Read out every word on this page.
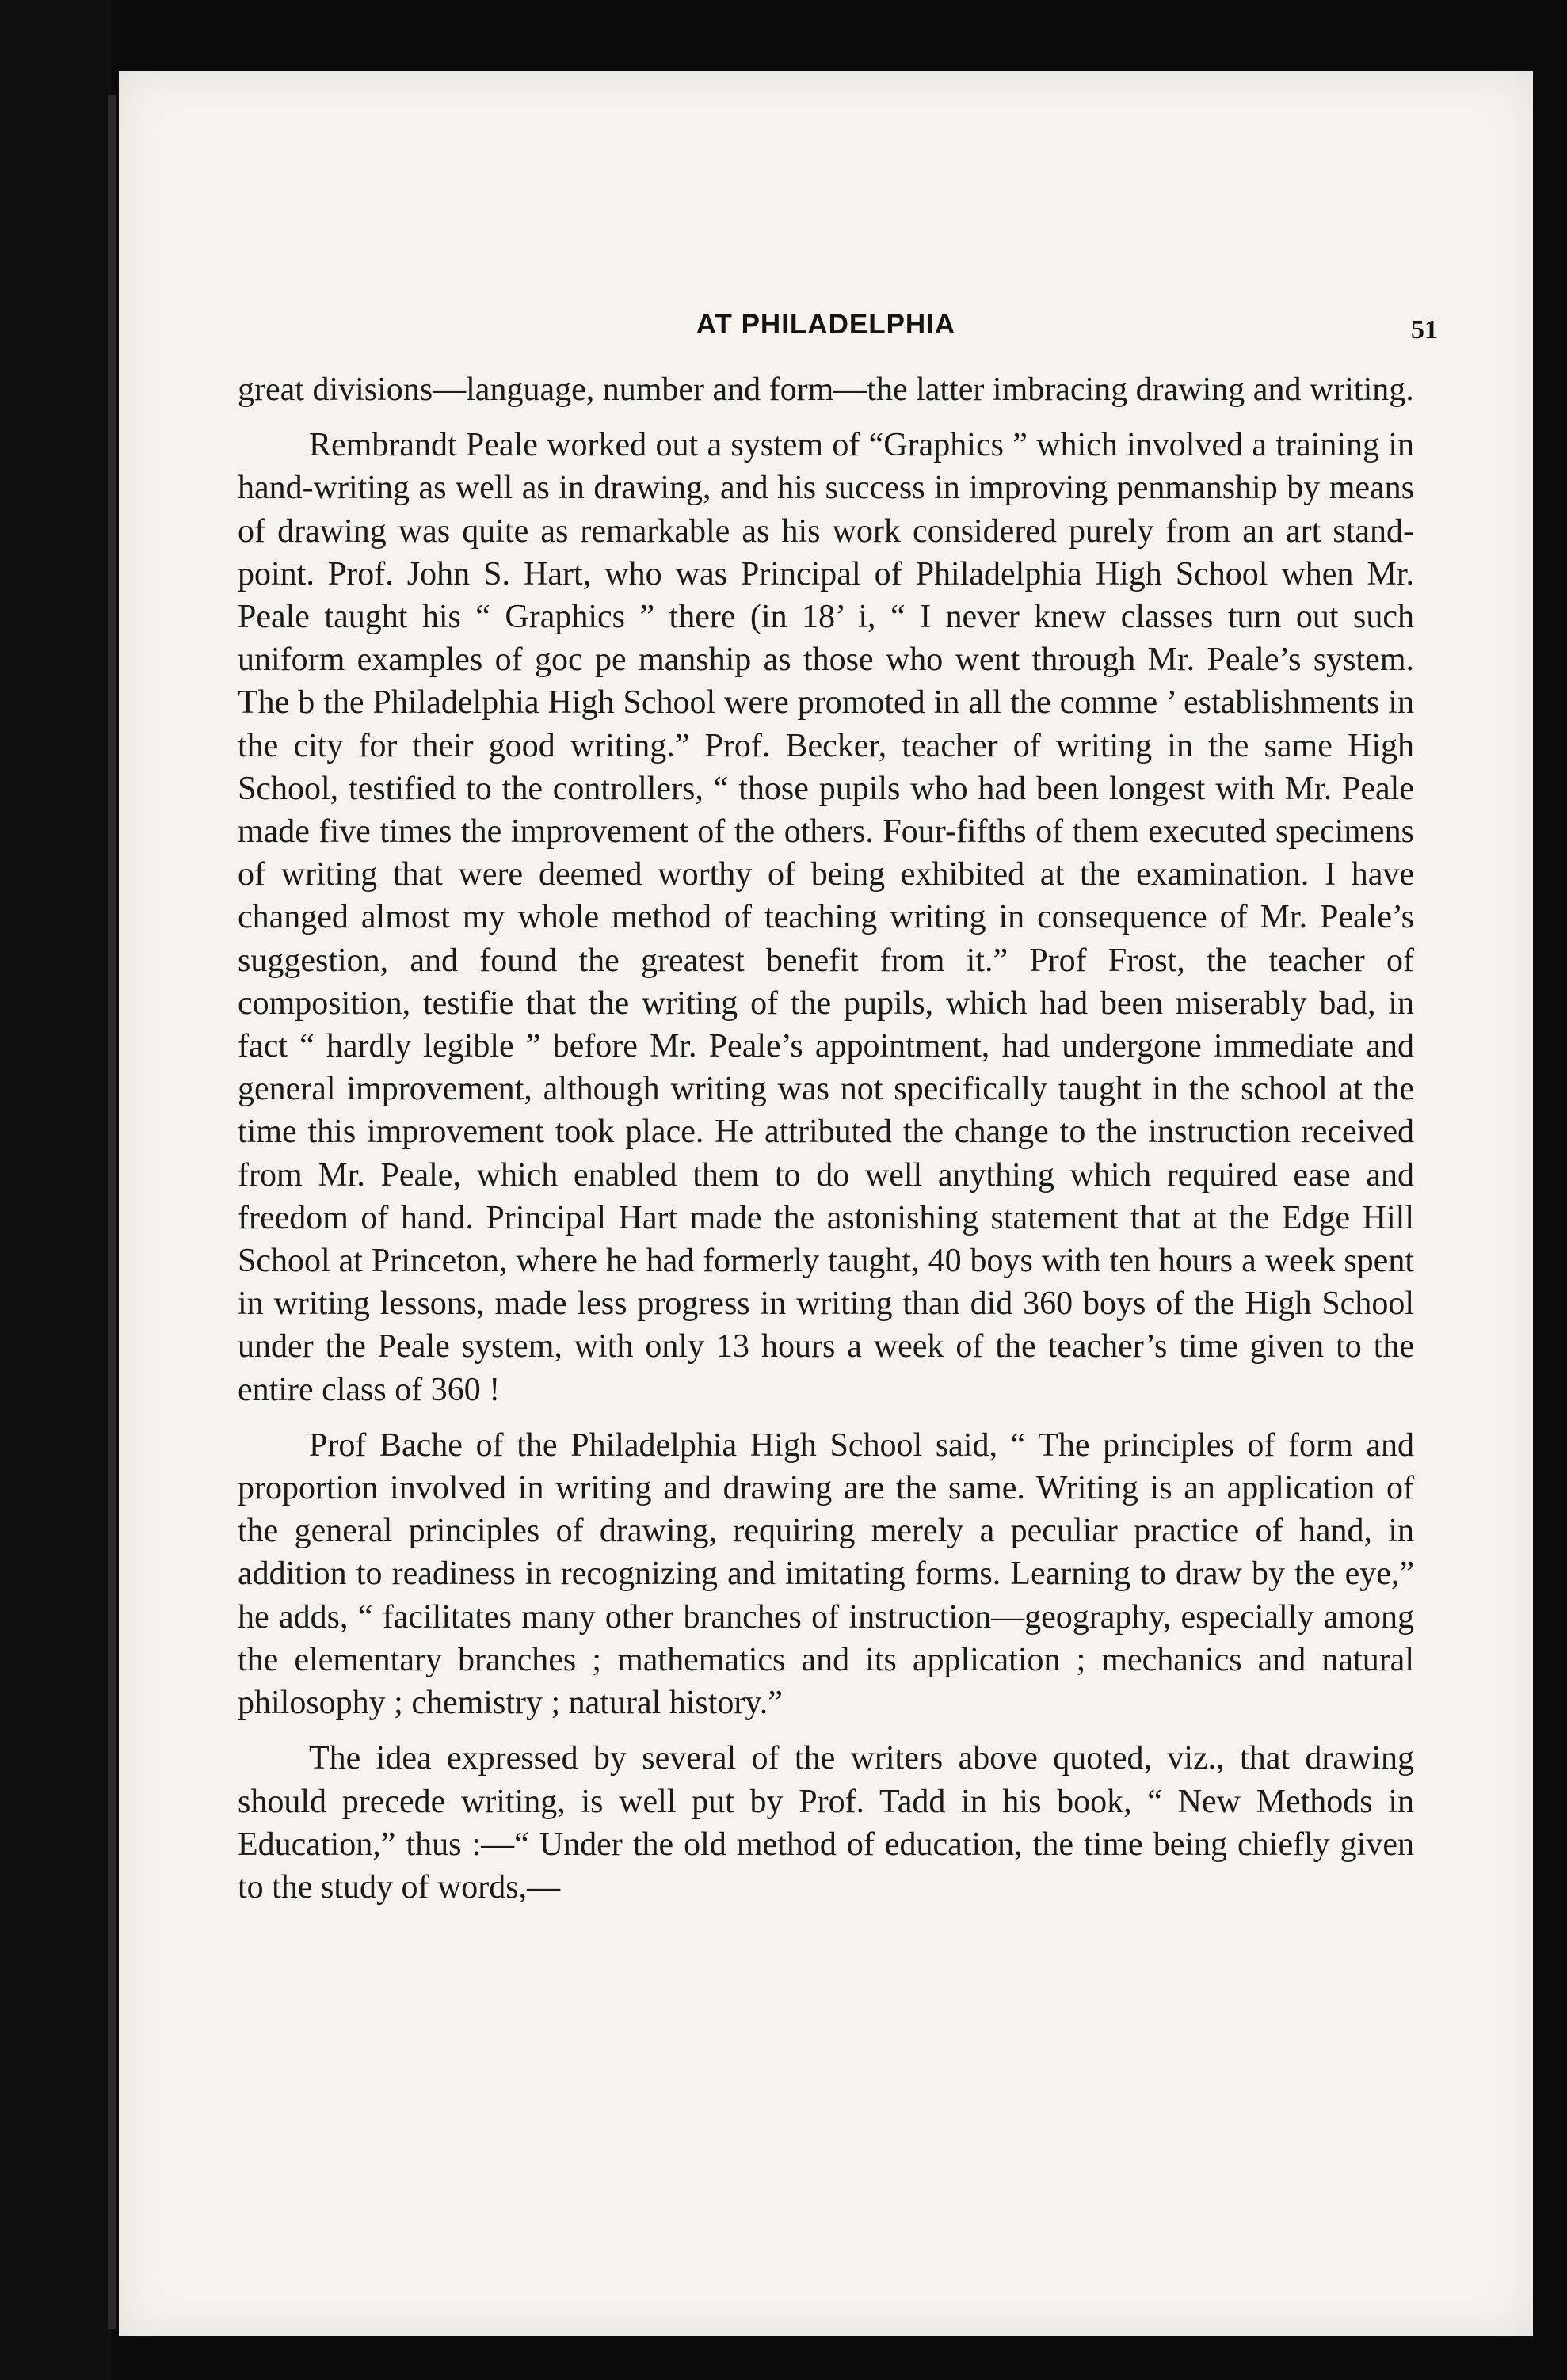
AT PHILADELPHIA	51

great divisions—language, number and form—the latter imbracing drawing and writing.

Rembrandt Peale worked out a system of “Graphics ” which involved a training in hand-writing as well as in drawing, and his success in improving penmanship by means of drawing was quite as remarkable as his work considered purely from an art stand-point. Prof. John S. Hart, who was Principal of Philadelphia High School when Mr. Peale taught his “ Graphics ” there (in 18’ i, “ I never knew classes turn out such uniform examples of goc pe manship as those who went through Mr. Peale’s system. The b the Philadelphia High School were promoted in all the comme ’ establishments in the city for their good writing.” Prof. Becker, teacher of writing in the same High School, testified to the controllers, “ those pupils who had been longest with Mr. Peale made five times the improvement of the others. Four-fifths of them executed specimens of writing that were deemed worthy of being exhibited at the examination. I have changed almost my whole method of teaching writing in consequence of Mr. Peale’s suggestion, and found the greatest benefit from it.” Prof Frost, the teacher of composition, testifie that the writing of the pupils, which had been miserably bad, in fact “ hardly legible ” before Mr. Peale’s appointment, had undergone immediate and general improvement, although writing was not specifically taught in the school at the time this improvement took place. He attributed the change to the instruction received from Mr. Peale, which enabled them to do well anything which required ease and freedom of hand. Principal Hart made the astonishing statement that at the Edge Hill School at Princeton, where he had formerly taught, 40 boys with ten hours a week spent in writing lessons, made less progress in writing than did 360 boys of the High School under the Peale system, with only 13 hours a week of the teacher’s time given to the entire class of 360 !

Prof Bache of the Philadelphia High School said, “ The principles of form and proportion involved in writing and drawing are the same. Writing is an application of the general principles of drawing, requiring merely a peculiar practice of hand, in addition to readiness in recognizing and imitating forms. Learning to draw by the eye,” he adds, “ facilitates many other branches of instruction—geography, especially among the elementary branches ; mathematics and its application ; mechanics and natural philosophy ; chemistry ; natural history.”

The idea expressed by several of the writers above quoted, viz., that drawing should precede writing, is well put by Prof. Tadd in his book, “ New Methods in Education,” thus :—“ Under the old method of education, the time being chiefly given to the study of words,—
